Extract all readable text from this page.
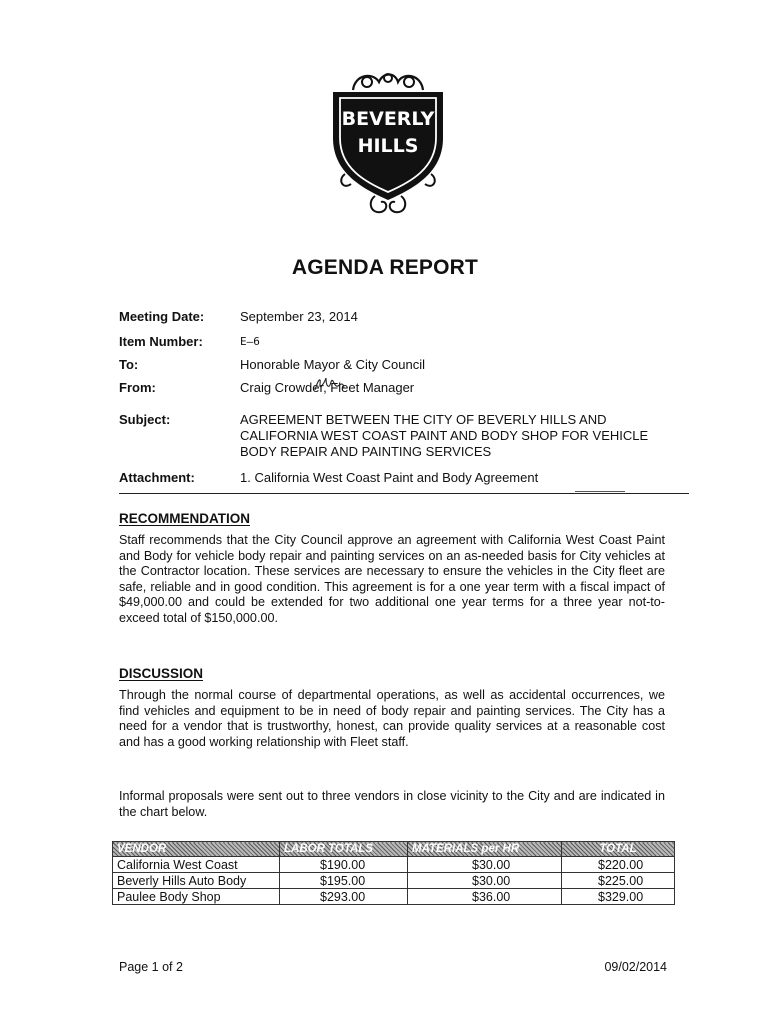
BEVERLY
HILLS
AGENDA REPORT
Meeting Date:	September 23, 2014
Item Number:	E–6
To:	Honorable Mayor & City Council
From:	Craig Crowder, Fleet Manager
Subject:	AGREEMENT BETWEEN THE CITY OF BEVERLY HILLS AND
CALIFORNIA WEST COAST PAINT AND BODY SHOP FOR VEHICLE
BODY REPAIR AND PAINTING SERVICES
Attachment:	1. California West Coast Paint and Body Agreement
RECOMMENDATION
Staff recommends that the City Council approve an agreement with California West Coast Paint and Body for vehicle body repair and painting services on an as-needed basis for City vehicles at the Contractor location. These services are necessary to ensure the vehicles in the City fleet are safe, reliable and in good condition. This agreement is for a one year term with a fiscal impact of $49,000.00 and could be extended for two additional one year terms for a three year not-to-exceed total of $150,000.00.
DISCUSSION
Through the normal course of departmental operations, as well as accidental occurrences, we find vehicles and equipment to be in need of body repair and painting services. The City has a need for a vendor that is trustworthy, honest, can provide quality services at a reasonable cost and has a good working relationship with Fleet staff.
Informal proposals were sent out to three vendors in close vicinity to the City and are indicated in the chart below.
VENDOR	LABOR TOTALS	MATERIALS per HR	TOTAL
California West Coast	$190.00	$30.00	$220.00
Beverly Hills Auto Body	$195.00	$30.00	$225.00
Paulee Body Shop	$293.00	$36.00	$329.00
Page 1 of 2	09/02/2014
